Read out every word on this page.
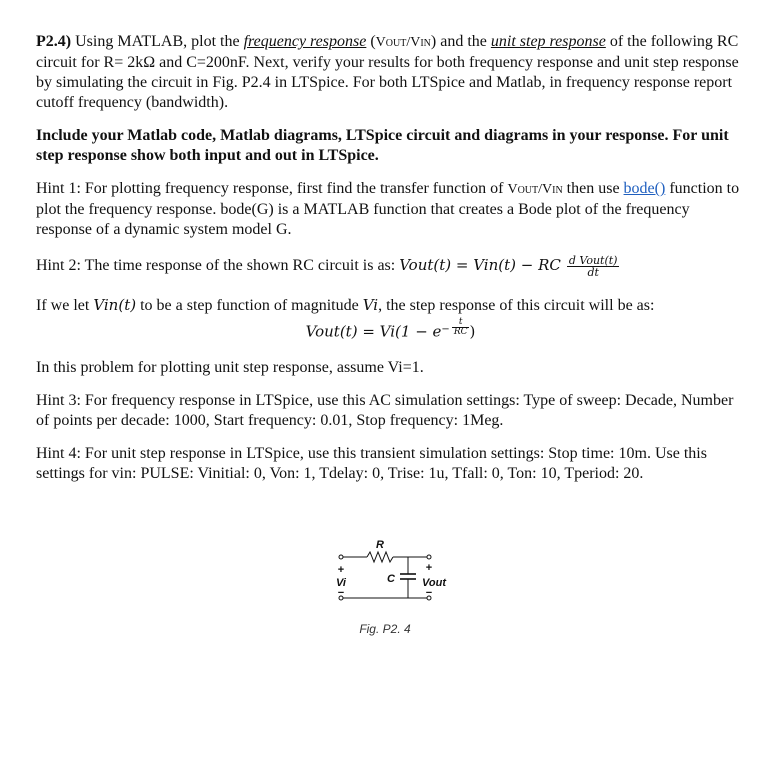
P2.4) Using MATLAB, plot the frequency response (Vout/Vin) and the unit step response of the following RC circuit for R= 2kΩ and C=200nF. Next, verify your results for both frequency response and unit step response by simulating the circuit in Fig. P2.4 in LTSpice. For both LTSpice and Matlab, in frequency response report cutoff frequency (bandwidth).
Include your Matlab code, Matlab diagrams, LTSpice circuit and diagrams in your response. For unit step response show both input and out in LTSpice.
Hint 1: For plotting frequency response, first find the transfer function of Vout/Vin then use bode() function to plot the frequency response. bode(G) is a MATLAB function that creates a Bode plot of the frequency response of a dynamic system model G.
Hint 2: The time response of the shown RC circuit is as: Vout(t) = Vin(t) − RC $\frac{\text{d Vout(t)}}{dt}$
If we let Vin(t) to be a step function of magnitude Vi, the step response of this circuit will be as:
Vout(t) = $Vi(1 - e^{- \frac{t}{RC}}$ )
In this problem for plotting unit step response, assume Vi=1.
Hint 3: For frequency response in LTSpice, use this AC simulation settings: Type of sweep: Decade, Number of points per decade: 1000, Start frequency: 0.01, Stop frequency: 1Meg.
Hint 4: For unit step response in LTSpice, use this transient simulation settings: Stop time: 10m. Use this settings for vin: PULSE: Vinitial: 0, Von: 1, Tdelay: 0, Trise: 1u, Tfall: 0, Ton: 10, Tperiod: 20.
R
C
+
Vi
−
+
Vout
−
Fig. P2. 4
